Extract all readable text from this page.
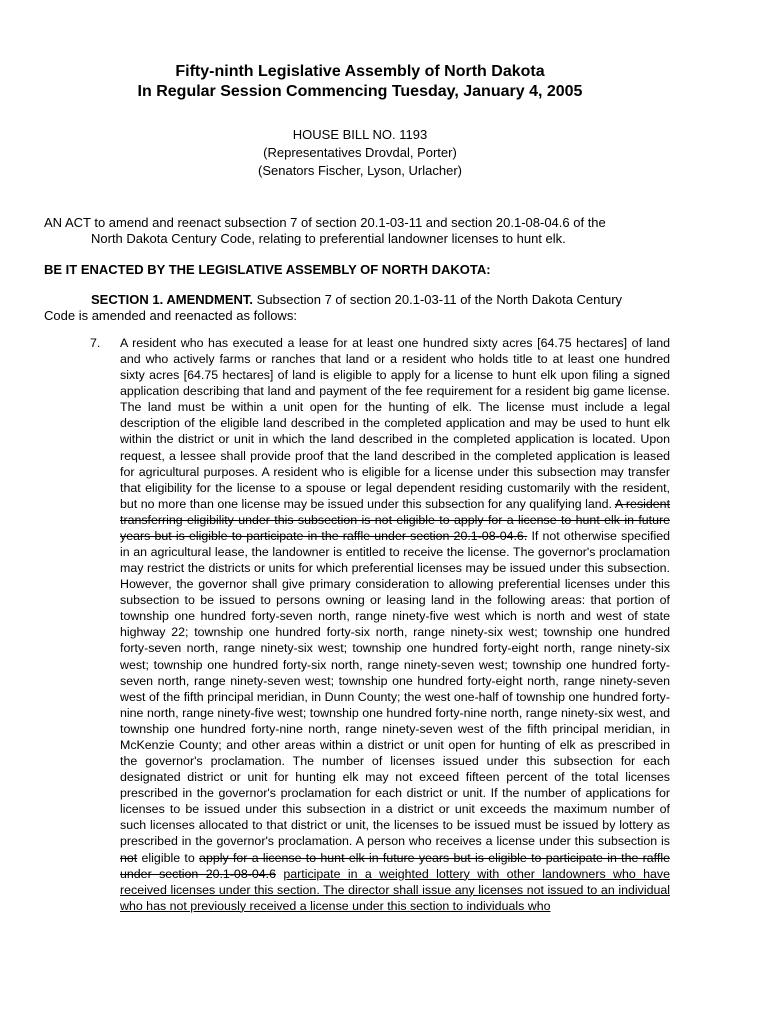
Fifty-ninth Legislative Assembly of North Dakota
In Regular Session Commencing Tuesday, January 4, 2005
HOUSE BILL NO. 1193
(Representatives Drovdal, Porter)
(Senators Fischer, Lyson, Urlacher)
AN ACT to amend and reenact subsection 7 of section 20.1-03-11 and section 20.1-08-04.6 of the
North Dakota Century Code, relating to preferential landowner licenses to hunt elk.
BE IT ENACTED BY THE LEGISLATIVE ASSEMBLY OF NORTH DAKOTA:
SECTION 1. AMENDMENT. Subsection 7 of section 20.1-03-11 of the North Dakota Century
Code is amended and reenacted as follows:
7. A resident who has executed a lease for at least one hundred sixty acres [64.75 hectares] of land and who actively farms or ranches that land or a resident who holds title to at least one hundred sixty acres [64.75 hectares] of land is eligible to apply for a license to hunt elk upon filing a signed application describing that land and payment of the fee requirement for a resident big game license. The land must be within a unit open for the hunting of elk. The license must include a legal description of the eligible land described in the completed application and may be used to hunt elk within the district or unit in which the land described in the completed application is located. Upon request, a lessee shall provide proof that the land described in the completed application is leased for agricultural purposes. A resident who is eligible for a license under this subsection may transfer that eligibility for the license to a spouse or legal dependent residing customarily with the resident, but no more than one license may be issued under this subsection for any qualifying land. A resident transferring eligibility under this subsection is not eligible to apply for a license to hunt elk in future years but is eligible to participate in the raffle under section 20.1-08-04.6. If not otherwise specified in an agricultural lease, the landowner is entitled to receive the license. The governor's proclamation may restrict the districts or units for which preferential licenses may be issued under this subsection. However, the governor shall give primary consideration to allowing preferential licenses under this subsection to be issued to persons owning or leasing land in the following areas: that portion of township one hundred forty-seven north, range ninety-five west which is north and west of state highway 22; township one hundred forty-six north, range ninety-six west; township one hundred forty-seven north, range ninety-six west; township one hundred forty-eight north, range ninety-six west; township one hundred forty-six north, range ninety-seven west; township one hundred forty-seven north, range ninety-seven west; township one hundred forty-eight north, range ninety-seven west of the fifth principal meridian, in Dunn County; the west one-half of township one hundred forty-nine north, range ninety-five west; township one hundred forty-nine north, range ninety-six west, and township one hundred forty-nine north, range ninety-seven west of the fifth principal meridian, in McKenzie County; and other areas within a district or unit open for hunting of elk as prescribed in the governor's proclamation. The number of licenses issued under this subsection for each designated district or unit for hunting elk may not exceed fifteen percent of the total licenses prescribed in the governor's proclamation for each district or unit. If the number of applications for licenses to be issued under this subsection in a district or unit exceeds the maximum number of such licenses allocated to that district or unit, the licenses to be issued must be issued by lottery as prescribed in the governor's proclamation. A person who receives a license under this subsection is not eligible to apply for a license to hunt elk in future years but is eligible to participate in the raffle under section 20.1-08-04.6 participate in a weighted lottery with other landowners who have received licenses under this section. The director shall issue any licenses not issued to an individual who has not previously received a license under this section to individuals who
